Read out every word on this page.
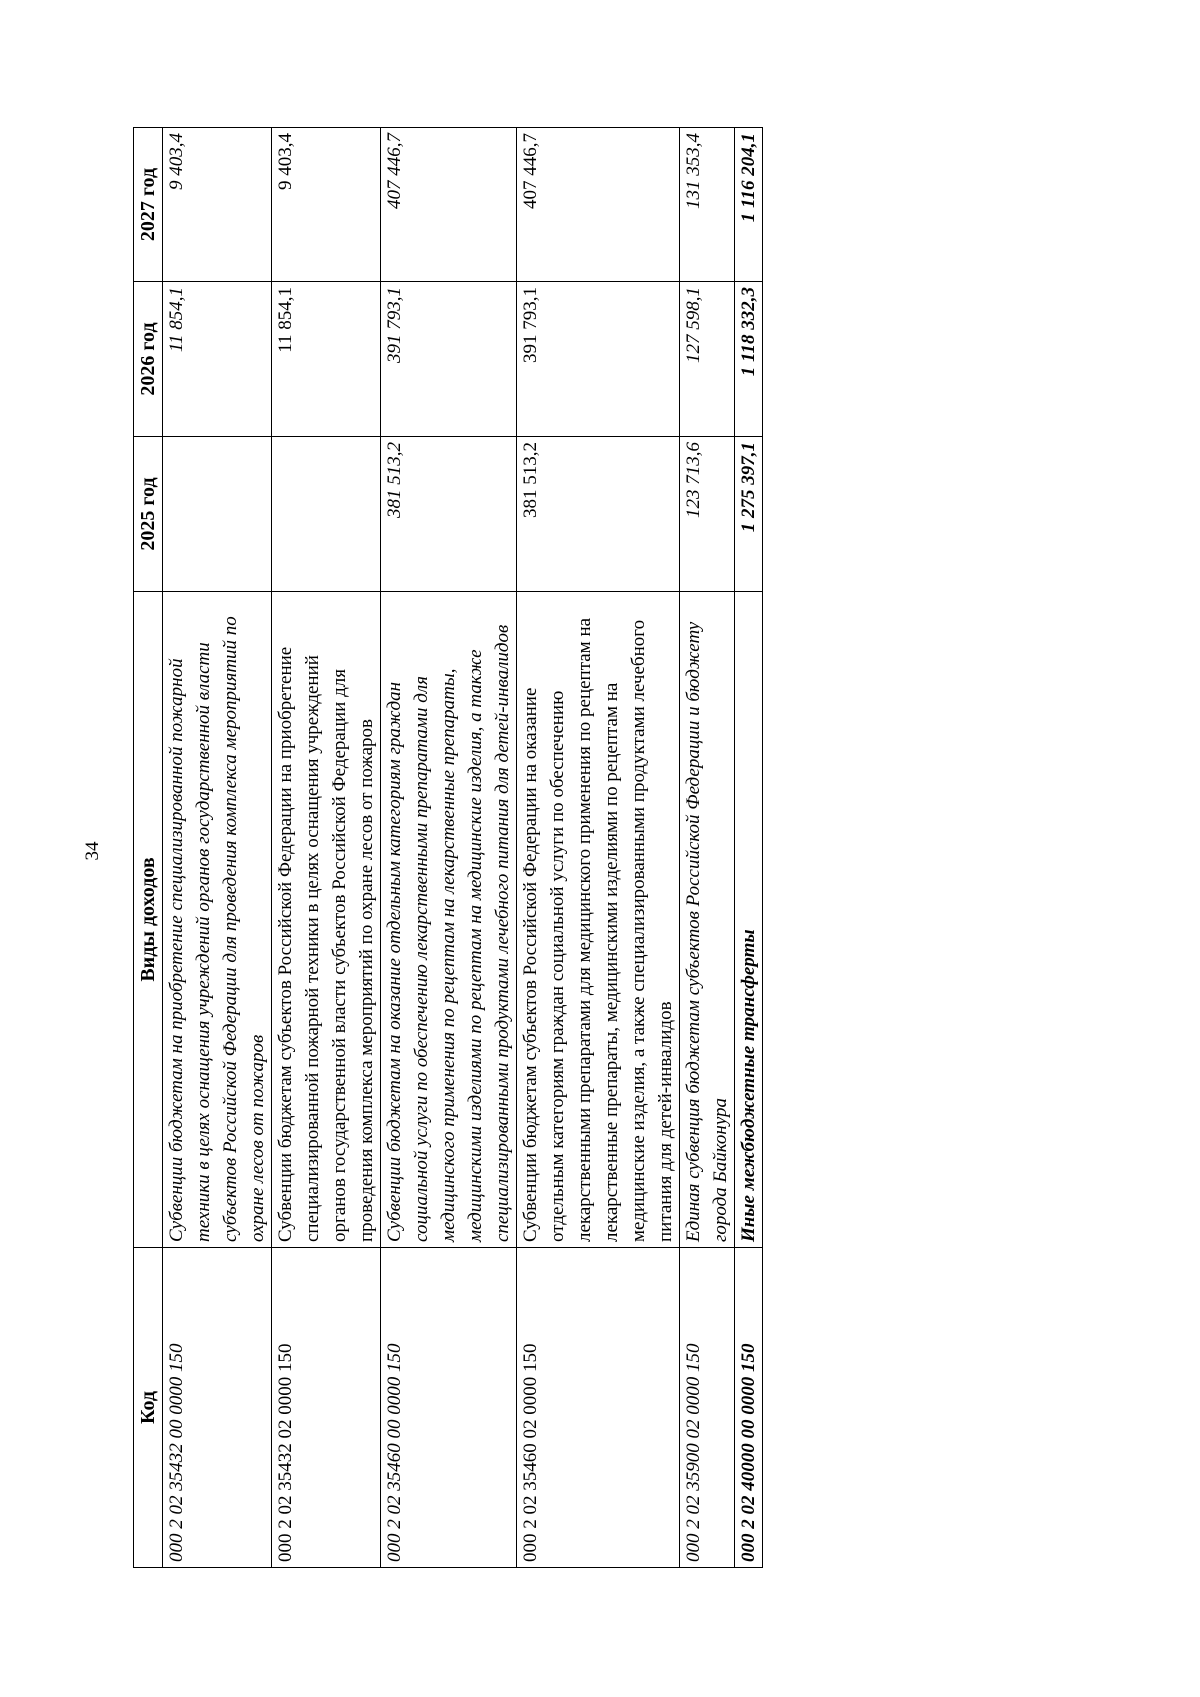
34
Код	Виды доходов	2025 год	2026 год	2027 год
000 2 02 35432 00 0000 150	Субвенции бюджетам на приобретение специализированной пожарной техники в целях оснащения учреждений органов государственной власти субъектов Российской Федерации для проведения комплекса мероприятий по охране лесов от пожаров		11 854,1	9 403,4
000 2 02 35432 02 0000 150	Субвенции бюджетам субъектов Российской Федерации на приобретение специализированной пожарной техники в целях оснащения учреждений органов государственной власти субъектов Российской Федерации для проведения комплекса мероприятий по охране лесов от пожаров		11 854,1	9 403,4
000 2 02 35460 00 0000 150	Субвенции бюджетам на оказание отдельным категориям граждан социальной услуги по обеспечению лекарственными препаратами для медицинского применения по рецептам на лекарственные препараты, медицинскими изделиями по рецептам на медицинские изделия, а также специализированными продуктами лечебного питания для детей-инвалидов	381 513,2	391 793,1	407 446,7
000 2 02 35460 02 0000 150	Субвенции бюджетам субъектов Российской Федерации на оказание отдельным категориям граждан социальной услуги по обеспечению лекарственными препаратами для медицинского применения по рецептам на лекарственные препараты, медицинскими изделиями по рецептам на медицинские изделия, а также специализированными продуктами лечебного питания для детей-инвалидов	381 513,2	391 793,1	407 446,7
000 2 02 35900 02 0000 150	Единая субвенция бюджетам субъектов Российской Федерации и бюджету города Байконура	123 713,6	127 598,1	131 353,4
000 2 02 40000 00 0000 150	Иные межбюджетные трансферты	1 275 397,1	1 118 332,3	1 116 204,1
